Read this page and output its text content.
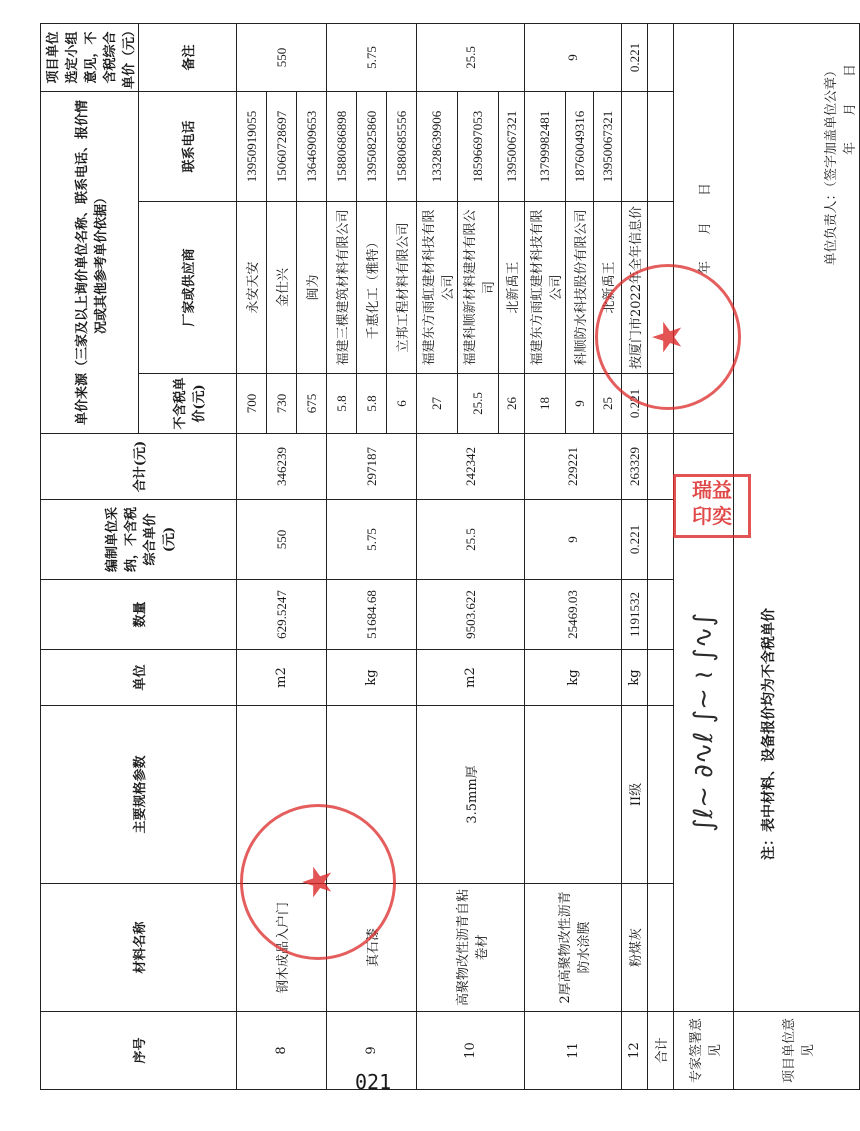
序号	材料名称	主要规格参数	单位	数量	编制单位采纳，不含税综合单价(元)	合计(元)	单价来源（三家及以上询价单位名称、联系电话、报价情况或其他参考单价依据）			项目单位选定小组意见，不含税综合单价（元）
							不含税单价(元)	厂家或供应商	联系电话	备注
8	钢木成品入户门		m2	629.5247	550	346239	700	永安天安	13950919055	550
							730	金仕兴	15060728697	
							675	闽为	13646909653	
9	真石漆		kg	51684.68	5.75	297187	5.8	福建三棵建筑材料有限公司	15880686898	5.75
							5.8	千惠化工（雅特）	13950825860	
							6	立邦工程材料有限公司	15880685556	
10	高聚物改性沥青自粘卷材	3.5mm厚	m2	9503.622	25.5	242342	27	福建东方雨虹建材科技有限公司	13328639906	25.5
							25.5	福建科顺新材料建材有限公司	18596697053	
							26	北新禹王	13950067321	
11	2厚高聚物改性沥青防水涂膜		kg	25469.03	9	229221	18	福建东方雨虹建材科技有限公司	13799982481	9
							9	科顺防水科技股份有限公司	18760049316	
							25	北新禹王	13950067321	
12	粉煤灰	II级	kg	1191532	0.221	263329	0.221	按厦门市2022年全年信息价		0.221
合计										
专家签署意见	∫ℓ~ ∂∿ℓ ∫∼ ≀ ∫∿∫						年　　月　　日			
项目单位意见	单位负责人：（签字加盖单位公章） 年　　月　　日									
注：表中材料、设备报价均为不含税单价
★
★
瑞益
印奕
021
